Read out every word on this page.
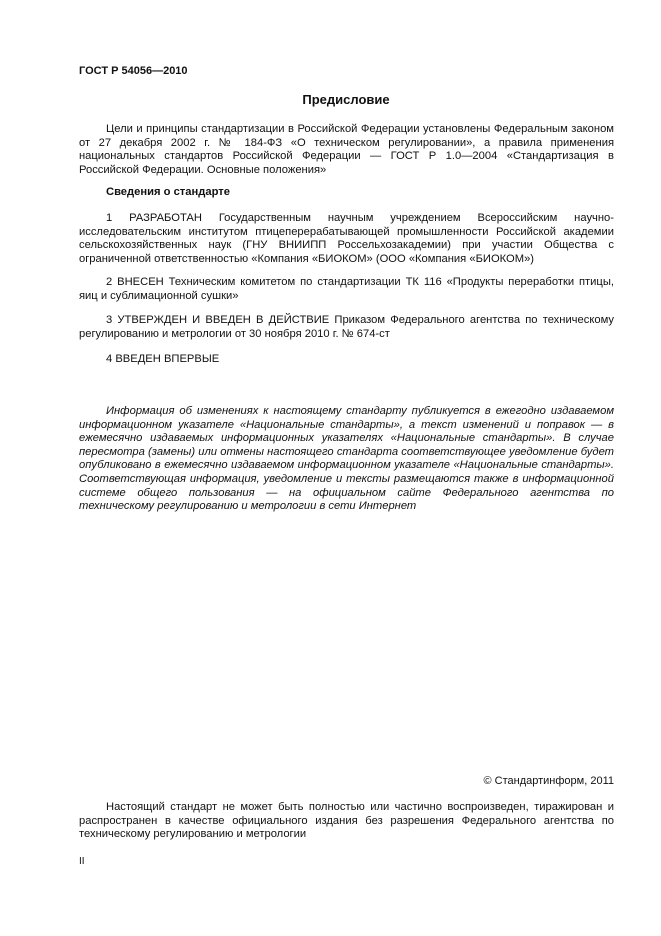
ГОСТ Р 54056—2010
Предисловие
Цели и принципы стандартизации в Российской Федерации установлены Федеральным законом от 27 декабря 2002 г. № 184-ФЗ «О техническом регулировании», а правила применения национальных стандартов Российской Федерации — ГОСТ Р 1.0—2004 «Стандартизация в Российской Федерации. Основные положения»
Сведения о стандарте
1 РАЗРАБОТАН Государственным научным учреждением Всероссийским научно-исследовательским институтом птицеперерабатывающей промышленности Российской академии сельскохозяйственных наук (ГНУ ВНИИПП Россельхозакадемии) при участии Общества с ограниченной ответственностью «Компания «БИОКОМ» (ООО «Компания «БИОКОМ»)
2 ВНЕСЕН Техническим комитетом по стандартизации ТК 116 «Продукты переработки птицы, яиц и сублимационной сушки»
3 УТВЕРЖДЕН И ВВЕДЕН В ДЕЙСТВИЕ Приказом Федерального агентства по техническому регулированию и метрологии от 30 ноября 2010 г. № 674-ст
4 ВВЕДЕН ВПЕРВЫЕ
Информация об изменениях к настоящему стандарту публикуется в ежегодно издаваемом информационном указателе «Национальные стандарты», а текст изменений и поправок — в ежемесячно издаваемых информационных указателях «Национальные стандарты». В случае пересмотра (замены) или отмены настоящего стандарта соответствующее уведомление будет опубликовано в ежемесячно издаваемом информационном указателе «Национальные стандарты». Соответствующая информация, уведомление и тексты размещаются также в информационной системе общего пользования — на официальном сайте Федерального агентства по техническому регулированию и метрологии в сети Интернет
© Стандартинформ, 2011
Настоящий стандарт не может быть полностью или частично воспроизведен, тиражирован и распространен в качестве официального издания без разрешения Федерального агентства по техническому регулированию и метрологии
II
